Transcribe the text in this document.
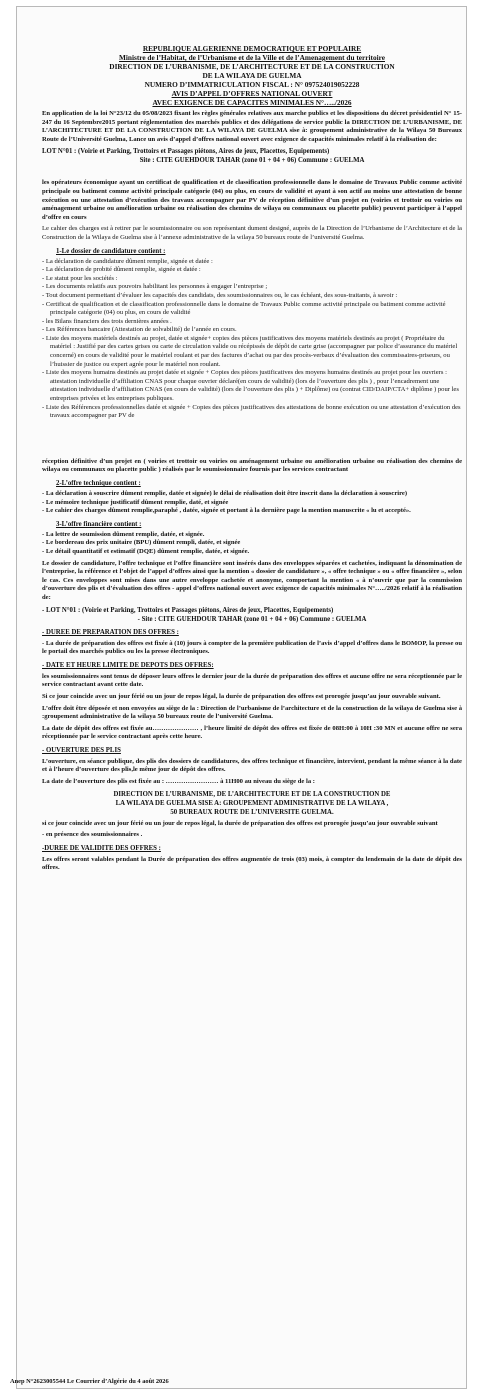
REPUBLIQUE ALGERIENNE DEMOCRATIQUE ET POPULAIRE
Ministre de l’Habitat, de l’Urbanisme et de la Ville et de l’Amenagement du territoire
DIRECTION DE L’URBANISME, DE L’ARCHITECTURE ET DE LA CONSTRUCTION
DE LA WILAYA DE GUELMA
NUMERO D’IMMATRICULATION FISCAL : N° 097524019052228
AVIS D’APPEL D’OFFRES NATIONAL OUVERT
AVEC EXIGENCE DE CAPACITES MINIMALES N°…../2026
En application de la loi N°23/12 du 05/08/2023 fixant les règles générales relatives aux marche publics et les dispositions du décret présidentiel N° 15-247 du 16 Septembre2015 portant réglementation des marchés publics et des délégations de service public la DIRECTION DE L’URBANISME, DE L’ARCHITECTURE ET DE LA CONSTRUCTION DE LA WILAYA DE GUELMA sise à: groupement administrative de la Wilaya 50 Bureaux Route de l’Université Guelma, Lance un avis d’appel d’offres national ouvert avec exigence de capacités minimales relatif à la réalisation de:
LOT N°01 : (Voirie et Parking, Trottoirs et Passages piétons, Aires de jeux, Placettes, Equipements)
Site : CITE GUEHDOUR TAHAR (zone 01 + 04 + 06) Commune : GUELMA
les opérateurs économique ayant un certificat de qualification et de classification professionnelle dans le domaine de Travaux Public comme activité principale ou batiment comme activité principale catégorie (04) ou plus, en cours de validité et ayant à son actif au moins une attestation de bonne exécution ou une attestation d’exécution des travaux accompagner par PV de réception définitive d’un projet en (voiries et trottoir ou voiries ou aménagement urbaine ou amélioration urbaine ou réalisation des chemins de wilaya ou communaux ou placette public) peuvent participer à l’appel d’offre en cours
Le cahier des charges est à retirer par le soumissionnaire ou son représentant dument designé, auprès de la Direction de l’Urbanisme de l’Architecture et de la Construction de la Wilaya de Guelma sise à l’annexe administrative de la wilaya 50 bureaux route de l’université Guelma.
1-Le dossier de candidature contient :
- La déclaration de candidature dûment remplie, signée et datée :
- La déclaration de probité dûment remplie, signée et datée :
- Le statut pour les sociétés :
- Les documents relatifs aux pouvoirs habilitant les personnes à engager l’entreprise ;
- Tout document permettant d’évaluer les capacités des candidats, des soumissionnaires ou, le cas échéant, des sous-traitants, à savoir :
- Certificat de qualification et de classification professionnelle dans le domaine de Travaux Public comme activité principale ou batiment comme activité principale catégorie (04) ou plus, en cours de validité
- les Bilans financiers des trois dernières années .
- Les Références bancaire (Attestation de solvabilité) de l’année en cours.
- Liste des moyens matériels destinés au projet, datée et signée+ copies des pièces justificatives des moyens matériels destinés au projet ( Propriétaire du matériel : Justifié par des cartes grises ou carte de circulation valide ou récépissés de dépôt de carte grise (accompagner par police d’assurance du matériel concerné) en cours de validité pour le matériel roulant et par des factures d’achat ou par des procès-verbaux d’évaluation des commissaires-priseurs, ou l’huissier de justice ou expert agrée pour le matériel non roulant.
- Liste des moyens humains destinés au projet datée et signée + Copies des pièces justificatives des moyens humains destinés au projet pour les ouvriers : attestation individuelle d’affiliation CNAS pour chaque ouvrier déclaré(en cours de validité) (lors de l’ouverture des plis ) , pour l’encadrement une attestation individuelle d’affiliation CNAS (en cours de validité) (lors de l’ouverture des plis ) + Diplôme) ou (contrat CID/DAIP/CTA+ diplôme ) pour les entreprises privées et les entreprises publiques.
- Liste des Références professionnelles datée et signée + Copies des pièces justificatives des attestations de bonne exécution ou une attestation d’exécution des travaux accompagner par PV de
réception définitive d’un projet en ( voiries et trottoir ou voiries ou aménagement urbaine ou amélioration urbaine ou réalisation des chemins de wilaya ou communaux ou placette public ) réalisés par le soumissionnaire fournis par les services contractant
2-L’offre technique contient :
- La déclaration à souscrire dûment remplie, datée et signée) le délai de réalisation doit être inscrit dans la déclaration à souscrire)
- Le mémoire technique justificatif dûment remplie, daté, et signée
- Le cahier des charges dûment remplie,paraphé , datée, signée et portant à la dernière page la mention manuscrite « lu et accepté».
3-L’offre financière contient :
- La lettre de soumission dûment remplie, datée, et signée.
- Le bordereau des prix unitaire (BPU) dûment rempli, datée, et signée
- Le détail quantitatif et estimatif (DQE) dûment remplie, datée, et signée.
Le dossier de candidature, l’offre technique et l’offre financière sont insérés dans des enveloppes séparées et cachetées, indiquant la dénomination de l’entreprise, la référence et l’objet de l’appel d’offres ainsi que la mention « dossier de candidature », « offre technique » ou « offre financière », selon le cas. Ces enveloppes sont mises dans une autre enveloppe cachetée et anonyme, comportant la mention « à n’ouvrir que par la commission d’ouverture des plis et d’évaluation des offres - appel d’offres national ouvert avec exigence de capacités minimales N°…../2026 relatif à la réalisation de:
- LOT N°01 : (Voirie et Parking, Trottoirs et Passages piétons, Aires de jeux, Placettes, Equipements)
- Site : CITE GUEHDOUR TAHAR (zone 01 + 04 + 06) Commune : GUELMA
- DUREE DE PREPARATION DES OFFRES :
- La durée de préparation des offres est fixée à (10) jours à compter de la première publication de l’avis d’appel d’offres dans le BOMOP, la presse ou le portail des marchés publics ou les la presse électroniques.
- DATE ET HEURE LIMITE DE DEPOTS DES OFFRES:
les soumissionnaires sont tenus de déposer leurs offres le dernier jour de la durée de préparation des offres et aucune offre ne sera réceptionnée par le service contractant avant cette date.
Si ce jour coincide avec un jour férié ou un jour de repos légal, la durée de préparation des offres est prorogée jusqu’au jour ouvrable suivant.
L’offre doit être déposée et non envoyées au siège de la : Direction de l’urbanisme de l’architecture et de la construction de la wilaya de Guelma sise à :groupement administrative de la wilaya 50 bureaux route de l’université Guelma.
La date de dépôt des offres est fixée au………………… , l’heure limité de dépôt des offres est fixée de 08H:00 à 10H :30 MN et aucune offre ne sera réceptionnée par le service contractant après cette heure.
- OUVERTURE DES PLIS
L’ouverture, en séance publique, des plis des dossiers de candidatures, des offres technique et financière, intervient, pendant la même séance à la date et à l’heure d’ouverture des plis,le même jour de dépôt des offres.
La date de l’ouverture des plis est fixée au : …………………… à 11H00 au niveau du siège de la :
DIRECTION DE L’URBANISME, DE L’ARCHITECTURE ET DE LA CONSTRUCTION DE
LA WILAYA DE GUELMA SISE A: GROUPEMENT ADMINISTRATIVE DE LA WILAYA ,
50 BUREAUX ROUTE DE L’UNIVERSITE GUELMA.
si ce jour coincide avec un jour férié ou un jour de repos légal, la durée de préparation des offres est prorogée jusqu’au jour ouvrable suivant
- en présence des soumissionnaires .
-DUREE DE VALIDITE DES OFFRES :
Les offres seront valables pendant la Durée de préparation des offres augmentée de trois (03) mois, à compter du lendemain de la date de dépôt des offres.
Anep N°2623005544 Le Courrier d’Algérie du 4 août 2026
